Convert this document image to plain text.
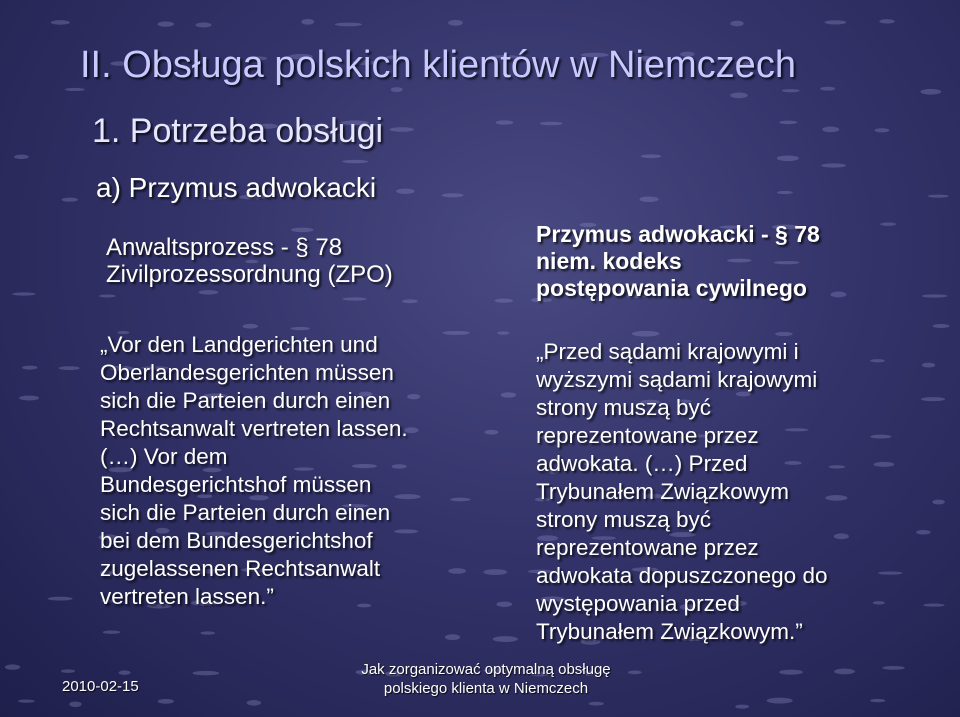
II. Obsługa polskich klientów w Niemczech
1. Potrzeba obsługi
a) Przymus adwokacki
Anwaltsprozess - § 78
Zivilprozessordnung (ZPO)
„Vor den Landgerichten und
Oberlandesgerichten müssen
sich die Parteien durch einen
Rechtsanwalt vertreten lassen.
(…) Vor dem
Bundesgerichtshof müssen
sich die Parteien durch einen
bei dem Bundesgerichtshof
zugelassenen Rechtsanwalt
vertreten lassen.”
Przymus adwokacki - § 78
niem. kodeks
postępowania cywilnego
„Przed sądami krajowymi i
wyższymi sądami krajowymi
strony muszą być
reprezentowane przez
adwokata. (…) Przed
Trybunałem Związkowym
strony muszą być
reprezentowane przez
adwokata dopuszczonego do
występowania przed
Trybunałem Związkowym.”
2010-02-15
Jak zorganizować optymalną obsługę
polskiego klienta w Niemczech
